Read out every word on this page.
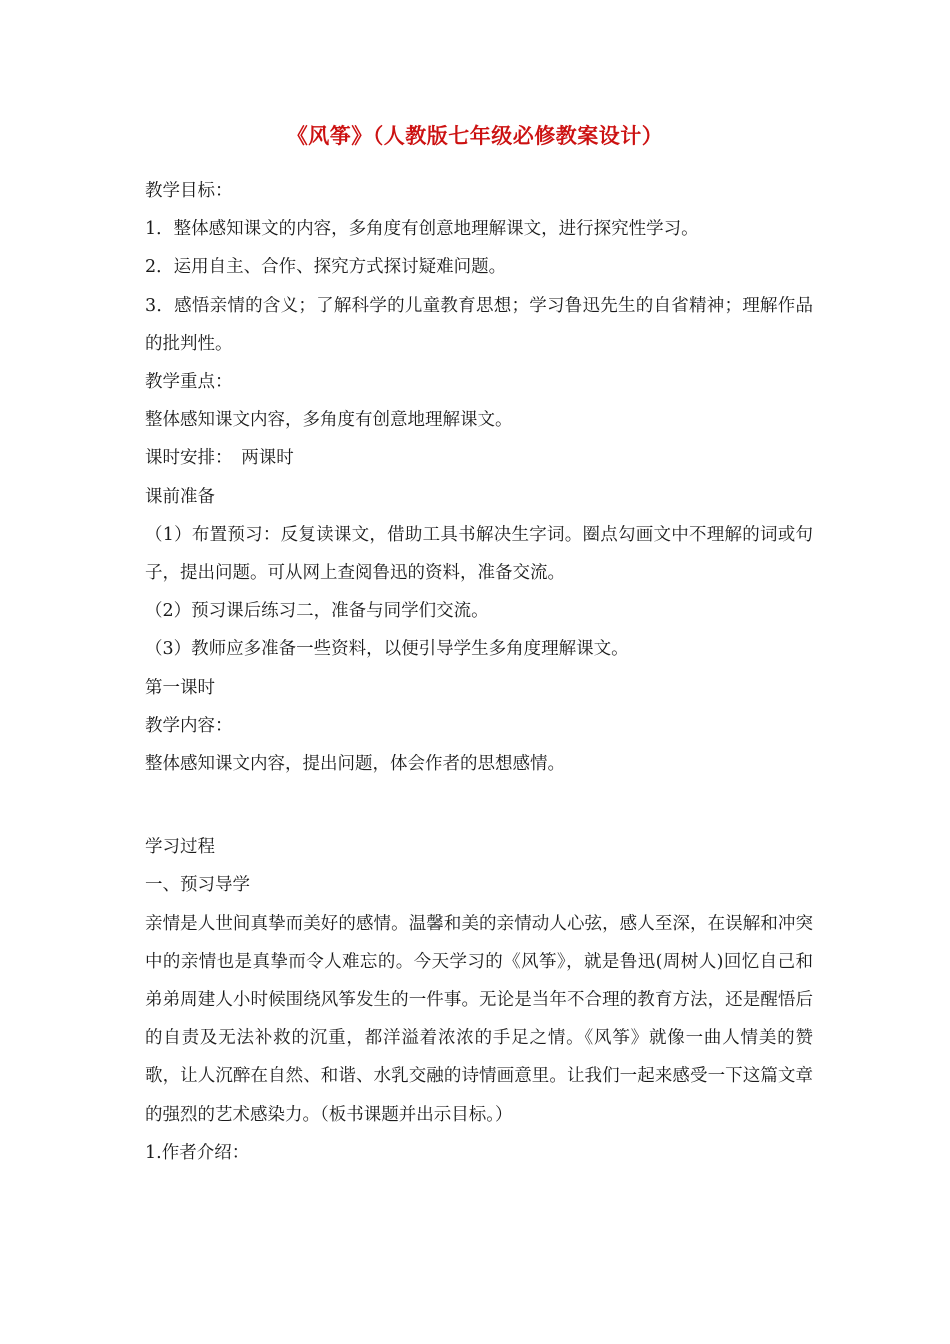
《风筝》（人教版七年级必修教案设计）

教学目标：

1．整体感知课文的内容，多角度有创意地理解课文，进行探究性学习。

2．运用自主、合作、探究方式探讨疑难问题。

3．感悟亲情的含义；了解科学的儿童教育思想；学习鲁迅先生的自省精神；理解作品的批判性。

教学重点：

整体感知课文内容，多角度有创意地理解课文。

课时安排：　两课时

课前准备

（1）布置预习：反复读课文，借助工具书解决生字词。圈点勾画文中不理解的词或句子，提出问题。可从网上查阅鲁迅的资料，准备交流。

（2）预习课后练习二，准备与同学们交流。

（3）教师应多准备一些资料，以便引导学生多角度理解课文。

第一课时

教学内容：

整体感知课文内容，提出问题，体会作者的思想感情。

学习过程

一、预习导学

亲情是人世间真挚而美好的感情。温馨和美的亲情动人心弦，感人至深，在误解和冲突中的亲情也是真挚而令人难忘的。今天学习的《风筝》，就是鲁迅(周树人)回忆自己和弟弟周建人小时候围绕风筝发生的一件事。无论是当年不合理的教育方法，还是醒悟后的自责及无法补救的沉重，都洋溢着浓浓的手足之情。《风筝》就像一曲人情美的赞歌，让人沉醉在自然、和谐、水乳交融的诗情画意里。让我们一起来感受一下这篇文章的强烈的艺术感染力。（板书课题并出示目标。）

1.作者介绍：
